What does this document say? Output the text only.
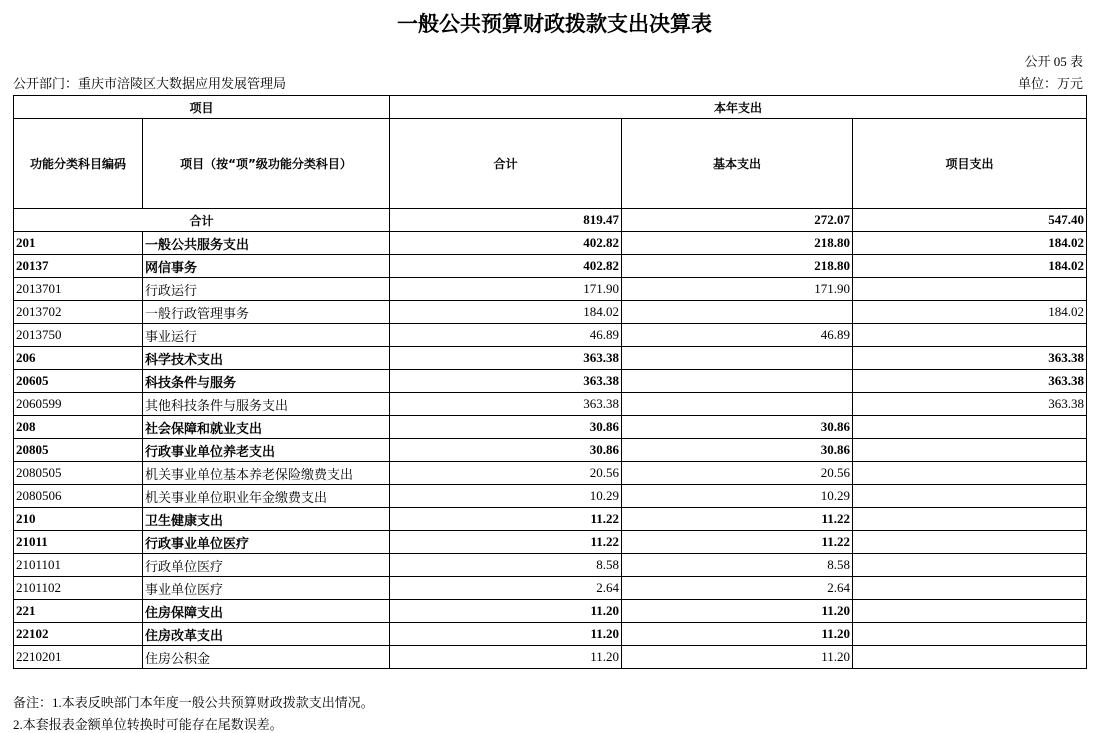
一般公共预算财政拨款支出决算表
公开 05 表
公开部门：重庆市涪陵区大数据应用发展管理局	单位：万元
项目		本年支出		
功能分类科目编码	项目（按“项”级功能分类科目）	合计	基本支出	项目支出
合计		819.47	272.07	547.40
201	一般公共服务支出	402.82	218.80	184.02
20137	网信事务	402.82	218.80	184.02
2013701	行政运行	171.90	171.90	
2013702	一般行政管理事务	184.02		184.02
2013750	事业运行	46.89	46.89	
206	科学技术支出	363.38		363.38
20605	科技条件与服务	363.38		363.38
2060599	其他科技条件与服务支出	363.38		363.38
208	社会保障和就业支出	30.86	30.86	
20805	行政事业单位养老支出	30.86	30.86	
2080505	机关事业单位基本养老保险缴费支出	20.56	20.56	
2080506	机关事业单位职业年金缴费支出	10.29	10.29	
210	卫生健康支出	11.22	11.22	
21011	行政事业单位医疗	11.22	11.22	
2101101	行政单位医疗	8.58	8.58	
2101102	事业单位医疗	2.64	2.64	
221	住房保障支出	11.20	11.20	
22102	住房改革支出	11.20	11.20	
2210201	住房公积金	11.20	11.20	
备注：1.本表反映部门本年度一般公共预算财政拨款支出情况。
2.本套报表金额单位转换时可能存在尾数误差。
